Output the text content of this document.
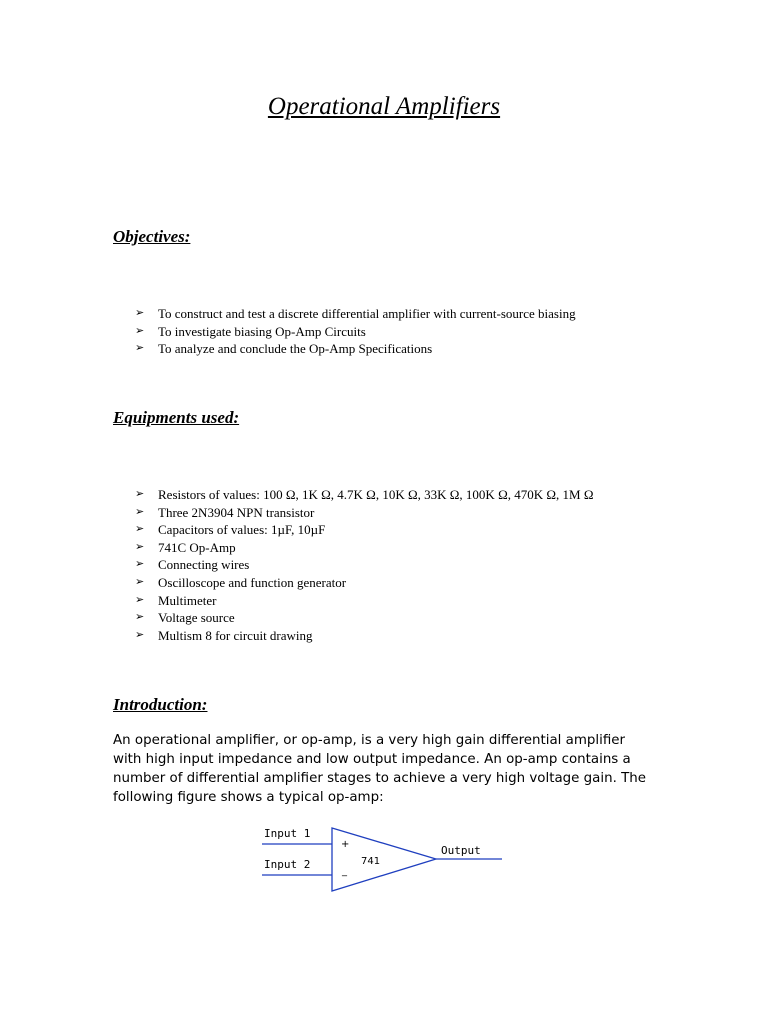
Operational Amplifiers
Objectives:
➢ To construct and test a discrete differential amplifier with current-source biasing
➢ To investigate biasing Op-Amp Circuits
➢ To analyze and conclude the Op-Amp Specifications
Equipments used:
➢ Resistors of values: 100 Ω, 1K Ω, 4.7K Ω, 10K Ω, 33K Ω, 100K Ω, 470K Ω, 1M Ω
➢ Three 2N3904 NPN transistor
➢ Capacitors of values: 1µF, 10µF
➢ 741C Op-Amp
➢ Connecting wires
➢ Oscilloscope and function generator
➢ Multimeter
➢ Voltage source
➢ Multism 8 for circuit drawing
Introduction:

An operational amplifier, or op-amp, is a very high gain differential amplifier with high input impedance and low output impedance. An op-amp contains a number of differential amplifier stages to achieve a very high voltage gain. The following figure shows a typical op-amp:

Input 1
Input 2
+
_
741
Output
